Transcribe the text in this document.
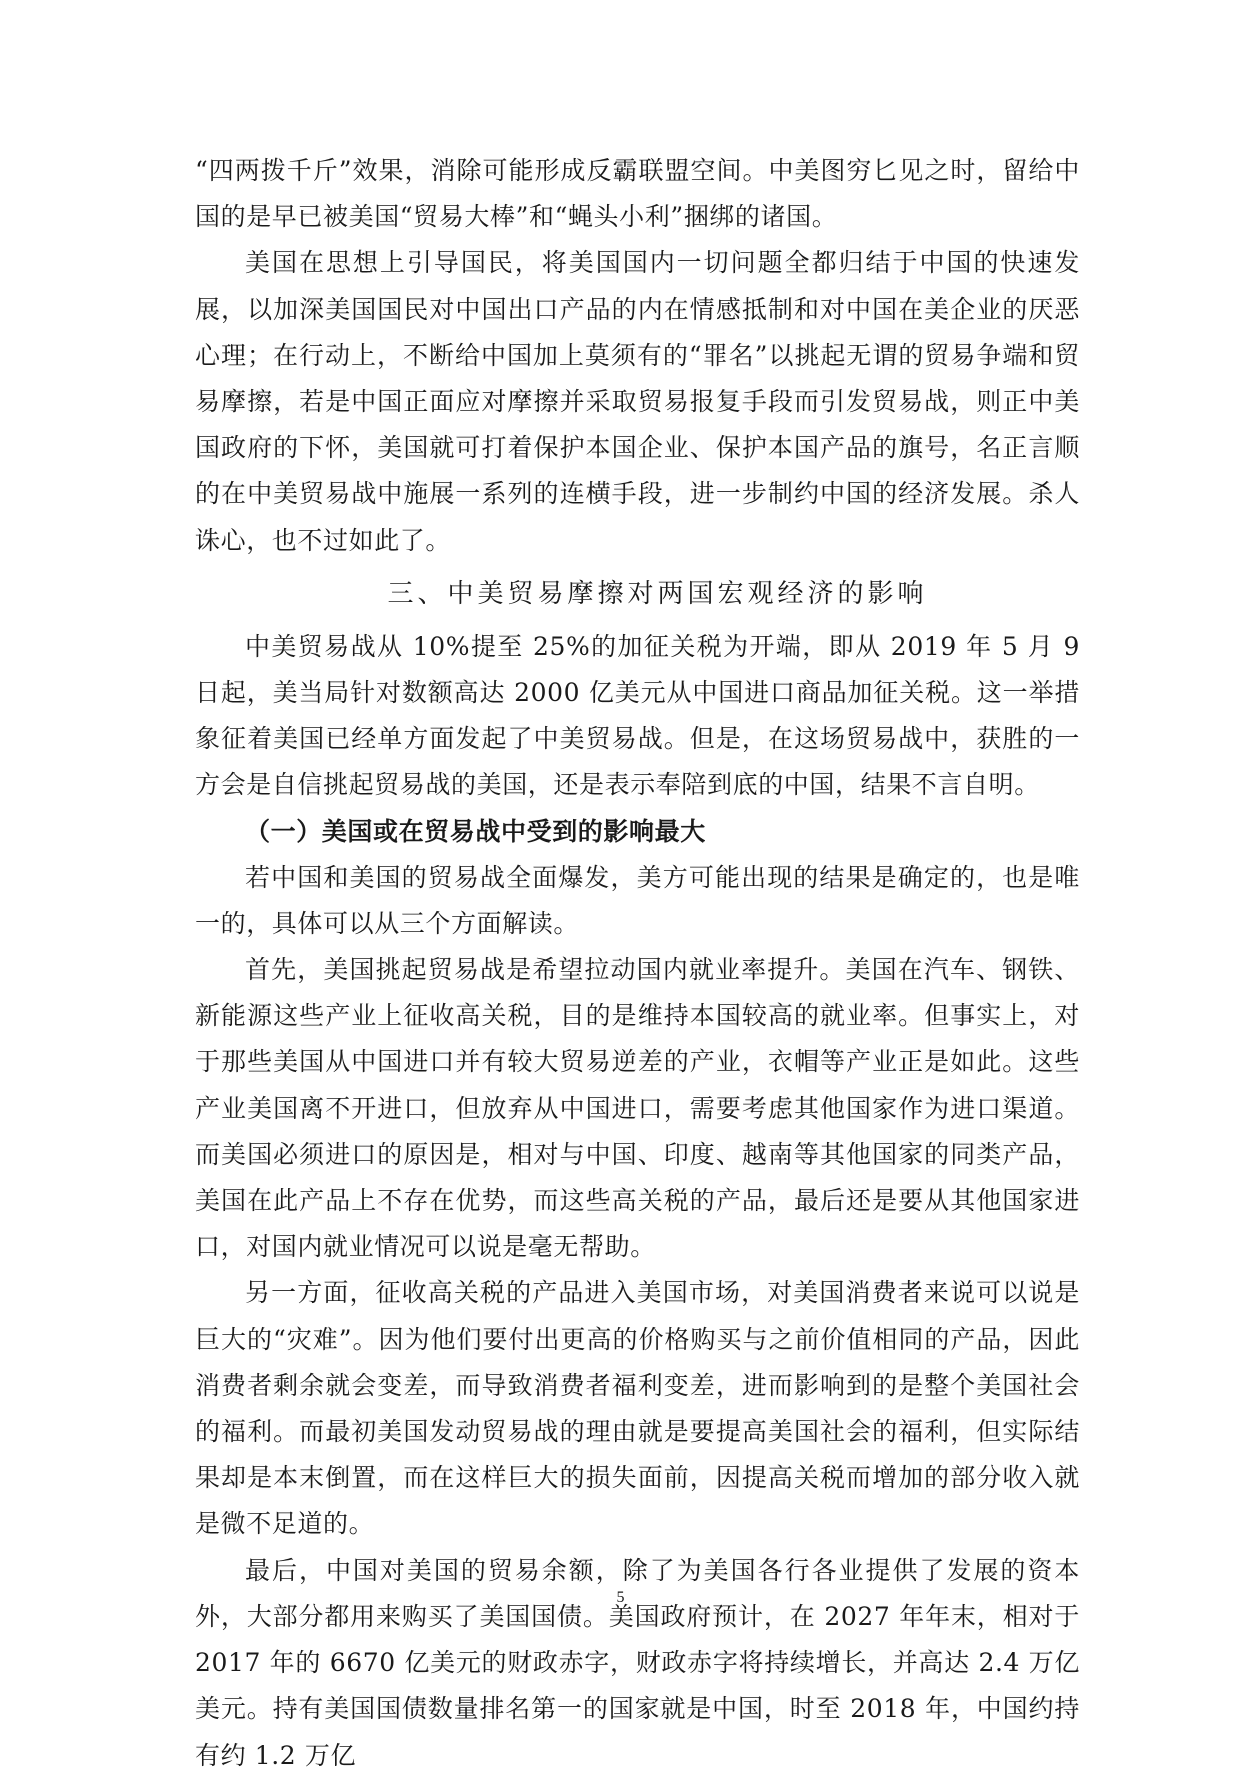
“四两拨千斤”效果，消除可能形成反霸联盟空间。中美图穷匕见之时，留给中国的是早已被美国“贸易大棒”和“蝇头小利”捆绑的诸国。

美国在思想上引导国民，将美国国内一切问题全都归结于中国的快速发展，以加深美国国民对中国出口产品的内在情感抵制和对中国在美企业的厌恶心理；在行动上，不断给中国加上莫须有的“罪名”以挑起无谓的贸易争端和贸易摩擦，若是中国正面应对摩擦并采取贸易报复手段而引发贸易战，则正中美国政府的下怀，美国就可打着保护本国企业、保护本国产品的旗号，名正言顺的在中美贸易战中施展一系列的连横手段，进一步制约中国的经济发展。杀人诛心，也不过如此了。

三、中美贸易摩擦对两国宏观经济的影响

中美贸易战从 10%提至 25%的加征关税为开端，即从 2019 年 5 月 9 日起，美当局针对数额高达 2000 亿美元从中国进口商品加征关税。这一举措象征着美国已经单方面发起了中美贸易战。但是，在这场贸易战中，获胜的一方会是自信挑起贸易战的美国，还是表示奉陪到底的中国，结果不言自明。

（一）美国或在贸易战中受到的影响最大

若中国和美国的贸易战全面爆发，美方可能出现的结果是确定的，也是唯一的，具体可以从三个方面解读。

首先，美国挑起贸易战是希望拉动国内就业率提升。美国在汽车、钢铁、新能源这些产业上征收高关税，目的是维持本国较高的就业率。但事实上，对于那些美国从中国进口并有较大贸易逆差的产业，衣帽等产业正是如此。这些产业美国离不开进口，但放弃从中国进口，需要考虑其他国家作为进口渠道。而美国必须进口的原因是，相对与中国、印度、越南等其他国家的同类产品，美国在此产品上不存在优势，而这些高关税的产品，最后还是要从其他国家进口，对国内就业情况可以说是毫无帮助。

另一方面，征收高关税的产品进入美国市场，对美国消费者来说可以说是巨大的“灾难”。因为他们要付出更高的价格购买与之前价值相同的产品，因此消费者剩余就会变差，而导致消费者福利变差，进而影响到的是整个美国社会的福利。而最初美国发动贸易战的理由就是要提高美国社会的福利，但实际结果却是本末倒置，而在这样巨大的损失面前，因提高关税而增加的部分收入就是微不足道的。

最后，中国对美国的贸易余额，除了为美国各行各业提供了发展的资本外，大部分都用来购买了美国国债。美国政府预计，在 2027 年年末，相对于 2017 年的 6670 亿美元的财政赤字，财政赤字将持续增长，并高达 2.4 万亿美元。持有美国国债数量排名第一的国家就是中国，时至 2018 年，中国约持有约 1.2 万亿

5
